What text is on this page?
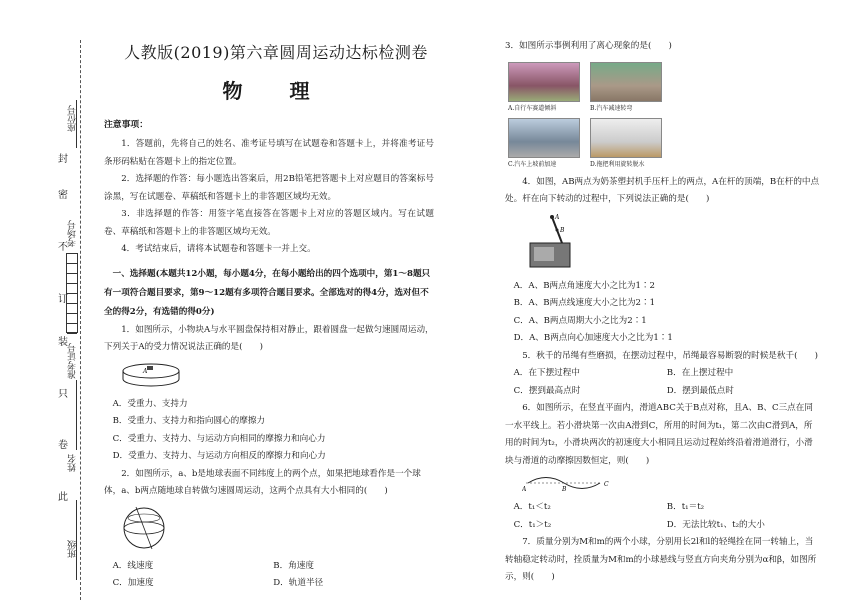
封
密
不
订
装
只
卷
此
座位号
考场号
准考证号
姓名
班级
人教版(2019)第六章圆周运动达标检测卷
物 理
注意事项：

1．答题前，先将自己的姓名、准考证号填写在试题卷和答题卡上，并将准考证号条形码粘贴在答题卡上的指定位置。

2．选择题的作答：每小题选出答案后，用2B铅笔把答题卡上对应题目的答案标号涂黑，写在试题卷、草稿纸和答题卡上的非答题区域均无效。

3．非选择题的作答：用签字笔直接答在答题卡上对应的答题区域内。写在试题卷、草稿纸和答题卡上的非答题区域均无效。

4．考试结束后，请将本试题卷和答题卡一并上交。

一、选择题(本题共12小题，每小题4分，在每小题给出的四个选项中，第1～8题只有一项符合题目要求，第9～12题有多项符合题目要求。全部选对的得4分，选对但不全的得2分，有选错的得0分)

1．如图所示，小物块A与水平圆盘保持相对静止，跟着圆盘一起做匀速圆周运动，下列关于A的受力情况说法正确的是(　　)

A

A．受重力、支持力

B．受重力、支持力和指向圆心的摩擦力

C．受重力、支持力、与运动方向相同的摩擦力和向心力

D．受重力、支持力、与运动方向相反的摩擦力和向心力

2．如图所示，a、b是地球表面不同纬度上的两个点，如果把地球看作是一个球体，a、b两点随地球自转做匀速圆周运动，这两个点具有大小相同的(　　)

A．线速度	B．角速度
C．加速度	D．轨道半径

3．如图所示事例利用了离心现象的是(　　)

A.自行车赛道倾斜	B.汽车减速转弯
C.汽车上坡前加速	D.拖把利用旋转脱水

4．如图，AB两点为奶茶塑封机手压杆上的两点，A在杆的顶端，B在杆的中点处。杆在向下转动的过程中，下列说法正确的是(　　)

A
B

A．A、B两点角速度大小之比为1∶2

B．A、B两点线速度大小之比为2∶1

C．A、B两点周期大小之比为2∶1

D．A、B两点向心加速度大小之比为1∶1

5．秋千的吊绳有些磨损，在摆动过程中，吊绳最容易断裂的时候是秋千(　　)

A．在下摆过程中	B．在上摆过程中
C．摆到最高点时	D．摆到最低点时

6．如图所示，在竖直平面内，滑道ABC关于B点对称，且A、B、C三点在同一水平线上。若小滑块第一次由A滑到C，所用的时间为t₁，第二次由C滑到A，所用的时间为t₂，小滑块两次的初速度大小相同且运动过程始终沿着滑道滑行，小滑块与滑道的动摩擦因数恒定，则(　　)

A	B
C
A．t₁＜t₂	B．t₁＝t₂
C．t₁＞t₂	D．无法比较t₁、t₂的大小

7．质量分别为M和m的两个小球，分别用长2l和l的轻绳拴在同一转轴上，当转轴稳定转动时，拴质量为M和m的小球悬线与竖直方向夹角分别为α和β，如图所示，则(　　)
